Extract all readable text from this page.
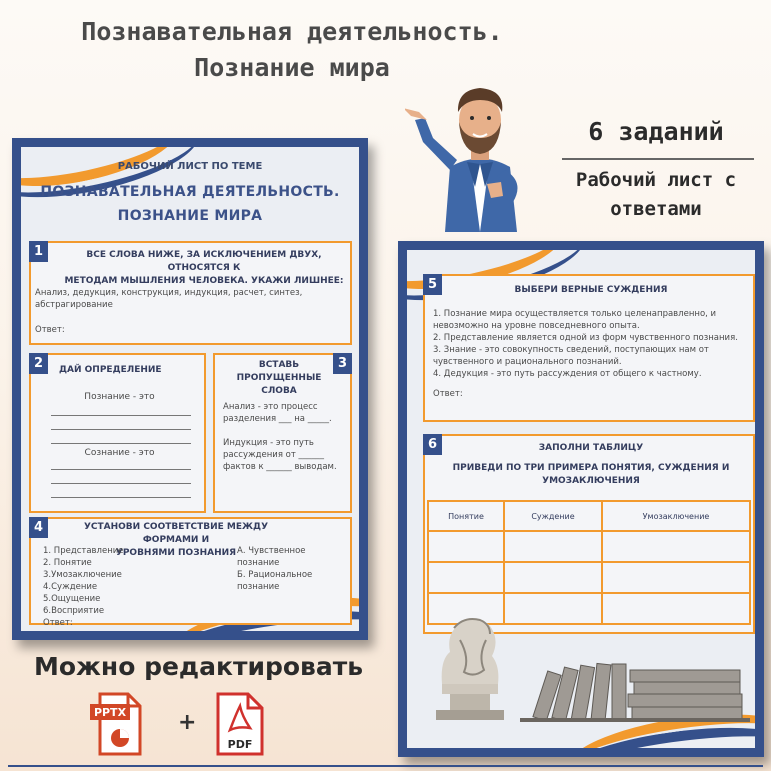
Познавательная деятельность.
Познание мира
6 заданий
Рабочий лист с
ответами
РАБОЧИЙ ЛИСТ ПО ТЕМЕ
ПОЗНАВАТЕЛЬНАЯ ДЕЯТЕЛЬНОСТЬ.
ПОЗНАНИЕ МИРА
1	ВСЕ СЛОВА НИЖЕ, ЗА ИСКЛЮЧЕНИЕМ ДВУХ, ОТНОСЯТСЯ К
МЕТОДАМ МЫШЛЕНИЯ ЧЕЛОВЕКА. УКАЖИ ЛИШНЕЕ:
Анализ, дедукция, конструкция, индукция, расчет, синтез,
абстрагирование
Ответ:
2	ДАЙ ОПРЕДЕЛЕНИЕ
Познание - это
Сознание - это
3
ВСТАВЬ
ПРОПУЩЕННЫЕ
СЛОВА
Анализ - это процесс
разделения ___ на _____.
Индукция - это путь
рассуждения от ______
фактов к ______ выводам.
4	УСТАНОВИ СООТВЕТСТВИЕ МЕЖДУ ФОРМАМИ И
УРОВНЯМИ ПОЗНАНИЯ
1. Представление
2. Понятие
3.Умозаключение
4.Суждение
5.Ощущение
6.Восприятие
Ответ:
А. Чувственное познание
Б. Рациональное познание
5	ВЫБЕРИ ВЕРНЫЕ СУЖДЕНИЯ
1. Познание мира осуществляется только целенаправленно, и
невозможно на уровне повседневного опыта.
2. Представление является одной из форм чувственного познания.
3. Знание - это совокупность сведений, поступающих нам от
чувственного и рационального познаний.
4. Дедукция - это путь рассуждения от общего к частному.
Ответ:
6	ЗАПОЛНИ ТАБЛИЦУ
ПРИВЕДИ ПО ТРИ ПРИМЕРА ПОНЯТИЯ, СУЖДЕНИЯ И
УМОЗАКЛЮЧЕНИЯ
Понятие	Суждение	Умозаключение

Можно редактировать
PPTX +
PDF
